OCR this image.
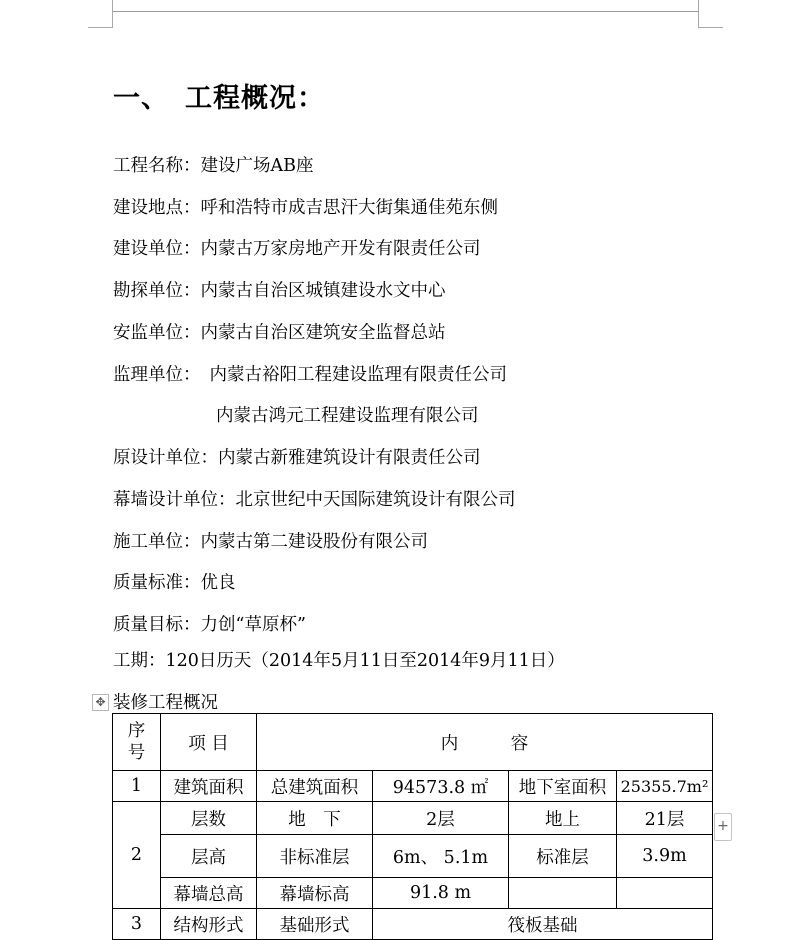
一、 工程概况：
工程名称：建设广场AB座
建设地点：呼和浩特市成吉思汗大街集通佳苑东侧
建设单位：内蒙古万家房地产开发有限责任公司
勘探单位：内蒙古自治区城镇建设水文中心
安监单位：内蒙古自治区建筑安全监督总站
监理单位： 内蒙古裕阳工程建设监理有限责任公司
内蒙古鸿元工程建设监理有限公司
原设计单位：内蒙古新雅建筑设计有限责任公司
幕墙设计单位：北京世纪中天国际建筑设计有限公司
施工单位：内蒙古第二建设股份有限公司
质量标准：优良
质量目标：力创“草原杯”
工期：120日历天（2014年5月11日至2014年9月11日）
✥ 装修工程概况
序
号	项 目	内　　　容			
1	建筑面积	总建筑面积	94573.8 ㎡	地下室面积	25355.7m²
2	层数	地　下	2层	地上	21层
	层高	非标准层	6m、 5.1m	标准层	3.9m
	幕墙总高	幕墙标高	91.8 m		
3	结构形式	基础形式	筏板基础		
+
